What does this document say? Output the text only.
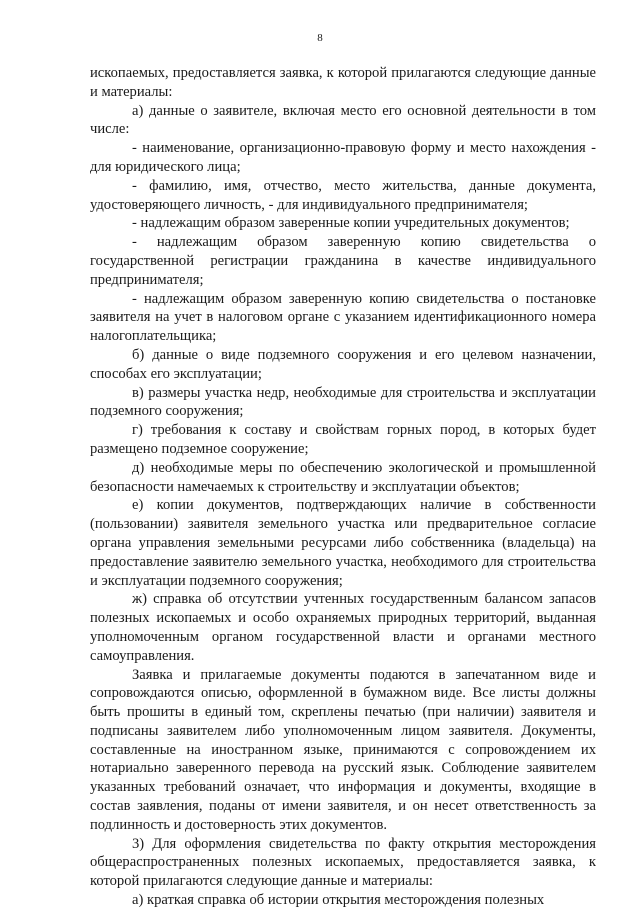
8

ископаемых, предоставляется заявка, к которой прилагаются следующие данные и материалы:

а) данные о заявителе, включая место его основной деятельности в том числе:

- наименование, организационно-правовую форму и место нахождения - для юридического лица;

- фамилию, имя, отчество, место жительства, данные документа, удостоверяющего личность, - для индивидуального предпринимателя;

- надлежащим образом заверенные копии учредительных документов;

- надлежащим образом заверенную копию свидетельства о государственной регистрации гражданина в качестве индивидуального предпринимателя;

- надлежащим образом заверенную копию свидетельства о постановке заявителя на учет в налоговом органе с указанием идентификационного номера налогоплательщика;

б) данные о виде подземного сооружения и его целевом назначении, способах его эксплуатации;

в) размеры участка недр, необходимые для строительства и эксплуатации подземного сооружения;

г) требования к составу и свойствам горных пород, в которых будет размещено подземное сооружение;

д) необходимые меры по обеспечению экологической и промышленной безопасности намечаемых к строительству и эксплуатации объектов;

е) копии документов, подтверждающих наличие в собственности (пользовании) заявителя земельного участка или предварительное согласие органа управления земельными ресурсами либо собственника (владельца) на предоставление заявителю земельного участка, необходимого для строительства и эксплуатации подземного сооружения;

ж) справка об отсутствии учтенных государственным балансом запасов полезных ископаемых и особо охраняемых природных территорий, выданная уполномоченным органом государственной власти и органами местного самоуправления.

Заявка и прилагаемые документы подаются в запечатанном виде и сопровождаются описью, оформленной в бумажном виде. Все листы должны быть прошиты в единый том, скреплены печатью (при наличии) заявителя и подписаны заявителем либо уполномоченным лицом заявителя. Документы, составленные на иностранном языке, принимаются с сопровождением их нотариально заверенного перевода на русский язык. Соблюдение заявителем указанных требований означает, что информация и документы, входящие в состав заявления, поданы от имени заявителя, и он несет ответственность за подлинность и достоверность этих документов.

3) Для оформления свидетельства по факту открытия месторождения общераспространенных полезных ископаемых, предоставляется заявка, к которой прилагаются следующие данные и материалы:

а) краткая справка об истории открытия месторождения полезных
